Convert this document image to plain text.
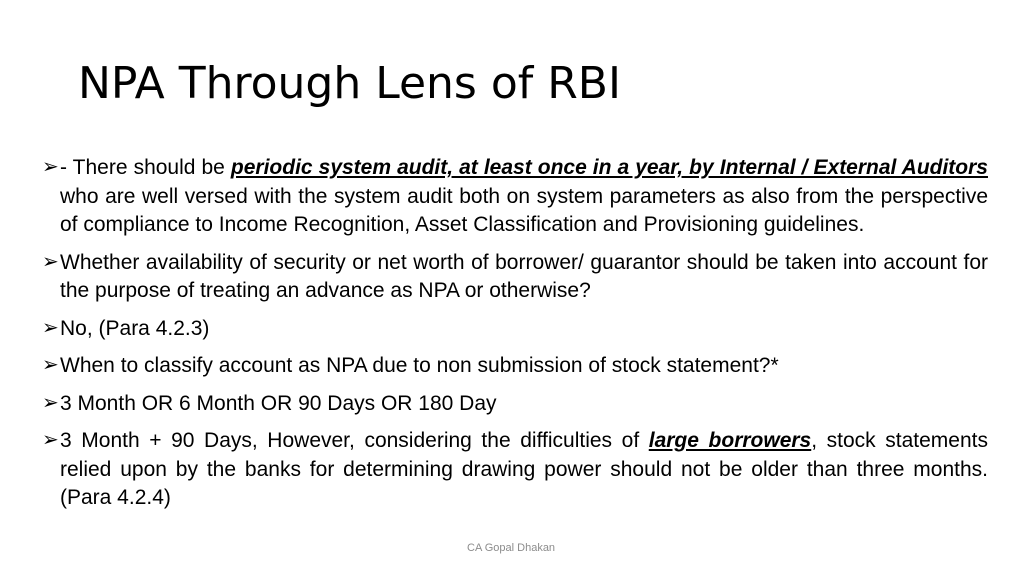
NPA Through Lens of RBI
➢ - There should be periodic system audit, at least once in a year, by Internal / External Auditors who are well versed with the system audit both on system parameters as also from the perspective of compliance to Income Recognition, Asset Classification and Provisioning guidelines.
➢ Whether availability of security or net worth of borrower/ guarantor should be taken into account for the purpose of treating an advance as NPA or otherwise?
➢ No, (Para 4.2.3)
➢ When to classify account as NPA due to non submission of stock statement?*
➢ 3 Month OR 6 Month OR 90 Days OR 180 Day
➢ 3 Month + 90 Days, However, considering the difficulties of large borrowers, stock statements relied upon by the banks for determining drawing power should not be older than three months. (Para 4.2.4)
CA Gopal Dhakan
